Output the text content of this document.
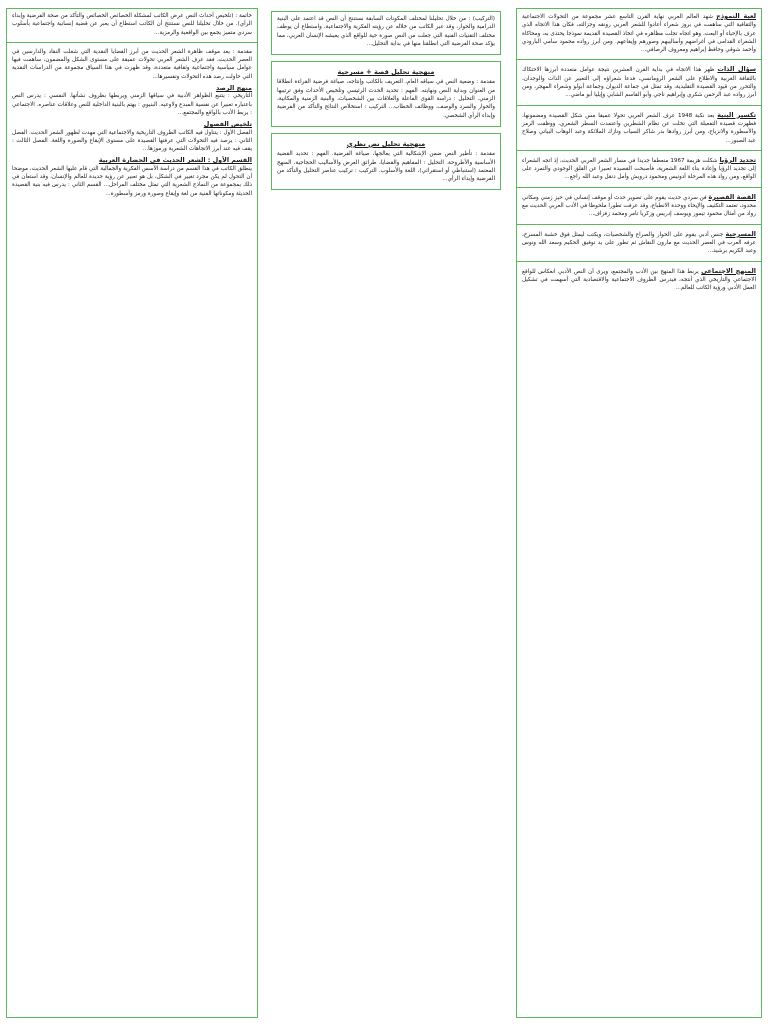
لعبة النموذج شهد العالم العربي نهاية القرن التاسع عشر مجموعة من التحولات الاجتماعية والثقافية التي ساهمت في بروز شعراء أعادوا للشعر العربي رونقه وجزالته، فكان هذا الاتجاه الذي عرف بالإحياء أو البعث، وهو اتجاه تجلت مظاهره في اتخاذ القصيدة القديمة نموذجا يحتذى به، ومحاكاة الشعراء القدامى في أغراضهم وأساليبهم وصورهم وإيقاعهم. ومن أبرز رواده محمود سامي البارودي وأحمد شوقي وحافظ إبراهيم ومعروف الرصافي...
سؤال الذات ظهر هذا الاتجاه في بداية القرن العشرين نتيجة عوامل متعددة أبرزها الاحتكاك بالثقافة الغربية والاطلاع على الشعر الرومانسي، فدعا شعراؤه إلى التعبير عن الذات والوجدان، والتحرر من قيود القصيدة التقليدية، وقد تمثل في جماعة الديوان وجماعة أبولو وشعراء المهجر، ومن أبرز رواده عبد الرحمن شكري وإبراهيم ناجي وأبو القاسم الشابي وإيليا أبو ماضي...
تكسير البنية بعد نكبة 1948 عرف الشعر العربي تحولا عميقا مس شكل القصيدة ومضمونها، فظهرت قصيدة التفعيلة التي تخلت عن نظام الشطرين واعتمدت السطر الشعري، ووظفت الرمز والأسطورة والانزياح، ومن أبرز روادها بدر شاكر السياب ونازك الملائكة وعبد الوهاب البياتي وصلاح عبد الصبور...
تجديد الرؤيا شكلت هزيمة 1967 منعطفا جديدا في مسار الشعر العربي الحديث، إذ اتجه الشعراء إلى تجديد الرؤيا وإعادة بناء اللغة الشعرية، فأصبحت القصيدة تعبيرا عن القلق الوجودي والتمرد على الواقع، ومن رواد هذه المرحلة أدونيس ومحمود درويش وأمل دنقل وعبد الله راجع...
القصة القصيرة فن سردي حديث يقوم على تصوير حدث أو موقف إنساني في حيز زمني ومكاني محدود، تعتمد التكثيف والإيحاء ووحدة الانطباع، وقد عرفت تطورا ملحوظا في الأدب العربي الحديث مع رواد من أمثال محمود تيمور ويوسف إدريس وزكريا تامر ومحمد زفزاف...
المسرحية جنس أدبي يقوم على الحوار والصراع والشخصيات، ويكتب ليمثل فوق خشبة المسرح، عرفه العرب في العصر الحديث مع مارون النقاش ثم تطور على يد توفيق الحكيم وسعد الله ونوس وعبد الكريم برشيد...
المنهج الاجتماعي يربط هذا المنهج بين الأدب والمجتمع، ويرى أن النص الأدبي انعكاس للواقع الاجتماعي والتاريخي الذي أنتجه، فيدرس الظروف الاجتماعية والاقتصادية التي أسهمت في تشكيل العمل الأدبي ورؤية الكاتب للعالم...

(التركيب) : من خلال تحليلنا لمختلف المكونات السابقة نستنتج أن النص قد اعتمد على البنية الدرامية والحوار، وقد عبر الكاتب من خلاله عن رؤيته الفكرية والاجتماعية، واستطاع أن يوظف مختلف التقنيات الفنية التي جعلت من النص صورة حية للواقع الذي يعيشه الإنسان العربي، مما يؤكد صحة الفرضية التي انطلقنا منها في بداية التحليل...

منهجية تحليل قصة + مسرحية

مقدمة : وضعية النص في سياقه العام، التعريف بالكاتب وإنتاجه، صياغة فرضية القراءة انطلاقا من العنوان وبداية النص ونهايته. الفهم : تحديد الحدث الرئيسي وتلخيص الأحداث وفق ترتيبها الزمني. التحليل : دراسة القوى الفاعلة والعلاقات بين الشخصيات، والبنية الزمنية والمكانية، والحوار والسرد والوصف، ووظائف الخطاب... التركيب : استخلاص النتائج والتأكد من الفرضية وإبداء الرأي الشخصي.

منهجية تحليل نص نظري

مقدمة : تأطير النص ضمن الإشكالية التي يعالجها، صياغة الفرضية. الفهم : تحديد القضية الأساسية والأطروحة. التحليل : المفاهيم والقضايا، طرائق العرض والأساليب الحجاجية، المنهج المعتمد (استنباطي أو استقرائي)، اللغة والأسلوب. التركيب : تركيب عناصر التحليل والتأكد من الفرضية وإبداء الرأي...

خاتمة : (تلخيص أحداث النص عرض الكاتب لمشكلة الخصائص الخصائص والتأكد من صحة الفرضية وإبداء الرأي). من خلال تحليلنا للنص نستنتج أن الكاتب استطاع أن يعبر عن قضية إنسانية واجتماعية بأسلوب سردي متميز يجمع بين الواقعية والرمزية...

مقدمة : يعد موقف ظاهرة الشعر الحديث من أبرز القضايا النقدية التي شغلت النقاد والدارسين في العصر الحديث، فقد عرف الشعر العربي تحولات عميقة على مستوى الشكل والمضمون، ساهمت فيها عوامل سياسية واجتماعية وثقافية متعددة، وقد ظهرت في هذا السياق مجموعة من الدراسات النقدية التي حاولت رصد هذه التحولات وتفسيرها...

منهج الرصد

التاريخي : يتتبع الظواهر الأدبية في سياقها الزمني ويربطها بظروف نشأتها. النفسي : يدرس النص باعتباره تعبيرا عن نفسية المبدع ولاوعيه. البنيوي : يهتم بالبنية الداخلية للنص وعلاقات عناصره. الاجتماعي : يربط الأدب بالواقع والمجتمع...

تلخيص الفصول

الفصل الأول : يتناول فيه الكاتب الظروف التاريخية والاجتماعية التي مهدت لظهور الشعر الحديث. الفصل الثاني : يرصد فيه التحولات التي عرفتها القصيدة على مستوى الإيقاع والصورة واللغة. الفصل الثالث : يقف فيه عند أبرز الاتجاهات الشعرية ورموزها...

القسم الأول : الشعر الحديث في الحضارة العربية

ينطلق الكاتب في هذا القسم من دراسة الأسس الفكرية والجمالية التي قام عليها الشعر الحديث، موضحا أن التحول لم يكن مجرد تغيير في الشكل، بل هو تعبير عن رؤية جديدة للعالم والإنسان، وقد استعان في ذلك بمجموعة من النماذج الشعرية التي تمثل مختلف المراحل... القسم الثاني : يدرس فيه بنية القصيدة الحديثة ومكوناتها الفنية من لغة وإيقاع وصورة ورمز وأسطورة...
